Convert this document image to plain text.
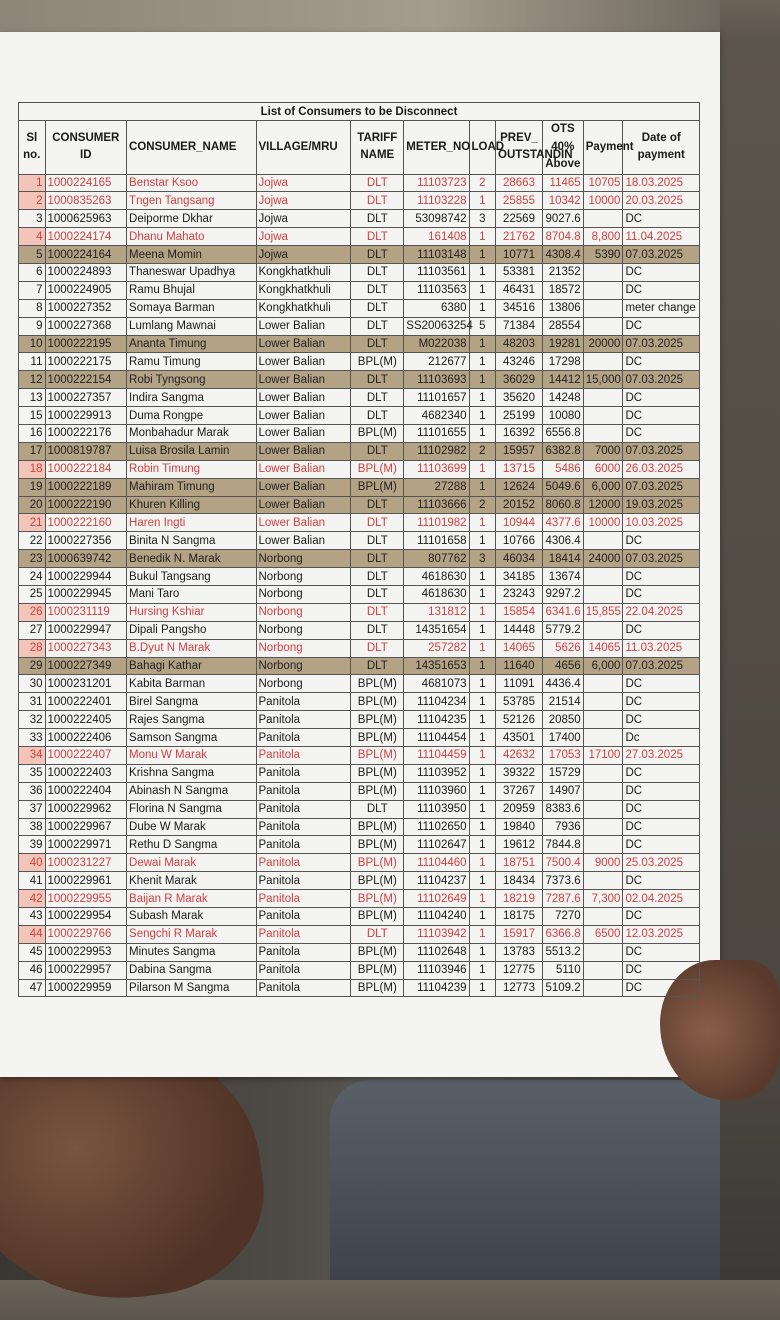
List of Consumers to be Disconnect										
Sl no.	CONSUMER ID	CONSUMER_NAME	VILLAGE/MRU	TARIFF NAME	METER_NO	LOAD	PREV_ OUTSTANDIN	OTS 40% Above	Payment	Date of payment
1	1000224165	Benstar Ksoo	Jojwa	DLT	11103723	2	28663	11465	10705	18.03.2025
2	1000835263	Tngen Tangsang	Jojwa	DLT	11103228	1	25855	10342	10000	20.03.2025
3	1000625963	Deiporme Dkhar	Jojwa	DLT	53098742	3	22569	9027.6		DC
4	1000224174	Dhanu Mahato	Jojwa	DLT	161408	1	21762	8704.8	8,800	11.04.2025
5	1000224164	Meena Momin	Jojwa	DLT	11103148	1	10771	4308.4	5390	07.03.2025
6	1000224893	Thaneswar Upadhya	Kongkhatkhuli	DLT	11103561	1	53381	21352		DC
7	1000224905	Ramu Bhujal	Kongkhatkhuli	DLT	11103563	1	46431	18572		DC
8	1000227352	Somaya Barman	Kongkhatkhuli	DLT	6380	1	34516	13806		meter change
9	1000227368	Lumlang Mawnai	Lower Balian	DLT	SS20063254	5	71384	28554		DC
10	1000222195	Ananta Timung	Lower Balian	DLT	M022038	1	48203	19281	20000	07.03.2025
11	1000222175	Ramu Timung	Lower Balian	BPL(M)	212677	1	43246	17298		DC
12	1000222154	Robi Tyngsong	Lower Balian	DLT	11103693	1	36029	14412	15,000	07.03.2025
13	1000227357	Indira Sangma	Lower Balian	DLT	11101657	1	35620	14248		DC
15	1000229913	Duma Rongpe	Lower Balian	DLT	4682340	1	25199	10080		DC
16	1000222176	Monbahadur Marak	Lower Balian	BPL(M)	11101655	1	16392	6556.8		DC
17	1000819787	Luisa Brosila Lamin	Lower Balian	DLT	11102982	2	15957	6382.8	7000	07.03.2025
18	1000222184	Robin Timung	Lower Balian	BPL(M)	11103699	1	13715	5486	6000	26.03.2025
19	1000222189	Mahiram Timung	Lower Balian	BPL(M)	27288	1	12624	5049.6	6,000	07.03.2025
20	1000222190	Khuren Killing	Lower Balian	DLT	11103666	2	20152	8060.8	12000	19.03.2025
21	1000222160	Haren Ingti	Lower Balian	DLT	11101982	1	10944	4377.6	10000	10.03.2025
22	1000227356	Binita N Sangma	Lower Balian	DLT	11101658	1	10766	4306.4		DC
23	1000639742	Benedik N. Marak	Norbong	DLT	807762	3	46034	18414	24000	07.03.2025
24	1000229944	Bukul Tangsang	Norbong	DLT	4618630	1	34185	13674		DC
25	1000229945	Mani Taro	Norbong	DLT	4618630	1	23243	9297.2		DC
26	1000231119	Hursing Kshiar	Norbong	DLT	131812	1	15854	6341.6	15,855	22.04.2025
27	1000229947	Dipali Pangsho	Norbong	DLT	14351654	1	14448	5779.2		DC
28	1000227343	B.Dyut N Marak	Norbong	DLT	257282	1	14065	5626	14065	11.03.2025
29	1000227349	Bahagi Kathar	Norbong	DLT	14351653	1	11640	4656	6,000	07.03.2025
30	1000231201	Kabita Barman	Norbong	BPL(M)	4681073	1	11091	4436.4		DC
31	1000222401	Birel Sangma	Panitola	BPL(M)	11104234	1	53785	21514		DC
32	1000222405	Rajes Sangma	Panitola	BPL(M)	11104235	1	52126	20850		DC
33	1000222406	Samson Sangma	Panitola	BPL(M)	11104454	1	43501	17400		Dc
34	1000222407	Monu W Marak	Panitola	BPL(M)	11104459	1	42632	17053	17100	27.03.2025
35	1000222403	Krishna Sangma	Panitola	BPL(M)	11103952	1	39322	15729		DC
36	1000222404	Abinash N Sangma	Panitola	BPL(M)	11103960	1	37267	14907		DC
37	1000229962	Florina N Sangma	Panitola	DLT	11103950	1	20959	8383.6		DC
38	1000229967	Dube W Marak	Panitola	BPL(M)	11102650	1	19840	7936		DC
39	1000229971	Rethu D Sangma	Panitola	BPL(M)	11102647	1	19612	7844.8		DC
40	1000231227	Dewai Marak	Panitola	BPL(M)	11104460	1	18751	7500.4	9000	25.03.2025
41	1000229961	Khenit Marak	Panitola	BPL(M)	11104237	1	18434	7373.6		DC
42	1000229955	Baijan R Marak	Panitola	BPL(M)	11102649	1	18219	7287.6	7,300	02.04.2025
43	1000229954	Subash Marak	Panitola	BPL(M)	11104240	1	18175	7270		DC
44	1000229766	Sengchi R Marak	Panitola	DLT	11103942	1	15917	6366.8	6500	12.03.2025
45	1000229953	Minutes Sangma	Panitola	BPL(M)	11102648	1	13783	5513.2		DC
46	1000229957	Dabina Sangma	Panitola	BPL(M)	11103946	1	12775	5110		DC
47	1000229959	Pilarson M Sangma	Panitola	BPL(M)	11104239	1	12773	5109.2		DC
